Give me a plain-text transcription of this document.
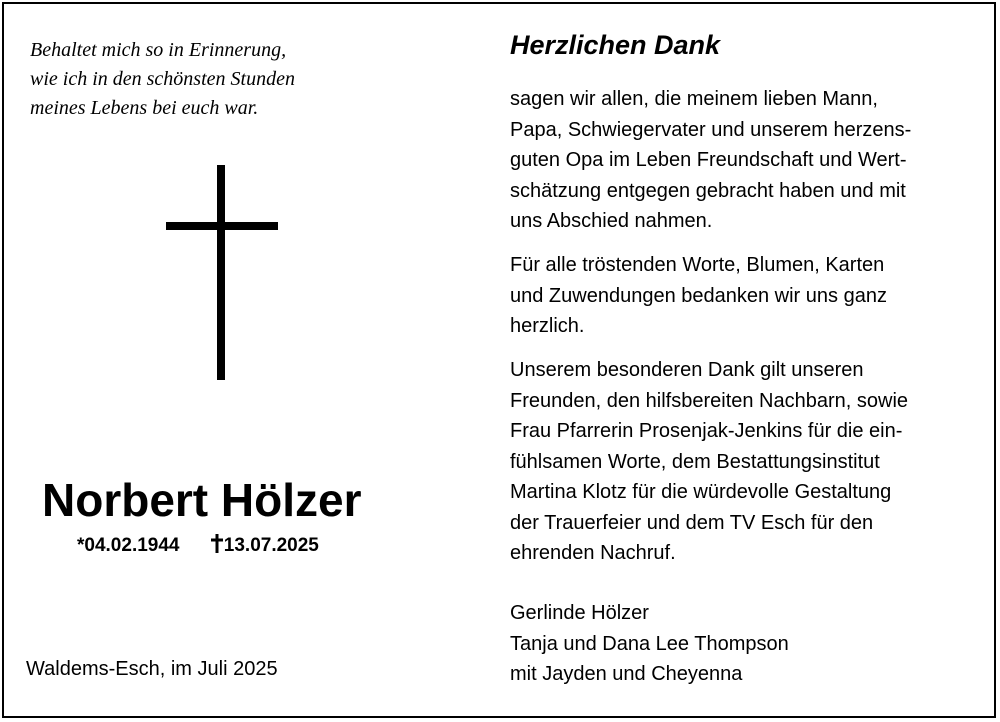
Behaltet mich so in Erinnerung,
wie ich in den schönsten Stunden
meines Lebens bei euch war.
Norbert Hölzer
*04.02.1944 13.07.2025
Waldems-Esch, im Juli 2025
Herzlichen Dank
sagen wir allen, die meinem lieben Mann,
Papa, Schwiegervater und unserem herzens-
guten Opa im Leben Freundschaft und Wert-
schätzung entgegen gebracht haben und mit
uns Abschied nahmen.
Für alle tröstenden Worte, Blumen, Karten
und Zuwendungen bedanken wir uns ganz
herzlich.
Unserem besonderen Dank gilt unseren
Freunden, den hilfsbereiten Nachbarn, sowie
Frau Pfarrerin Prosenjak-Jenkins für die ein-
fühlsamen Worte, dem Bestattungsinstitut
Martina Klotz für die würdevolle Gestaltung
der Trauerfeier und dem TV Esch für den
ehrenden Nachruf.
Gerlinde Hölzer
Tanja und Dana Lee Thompson
mit Jayden und Cheyenna
